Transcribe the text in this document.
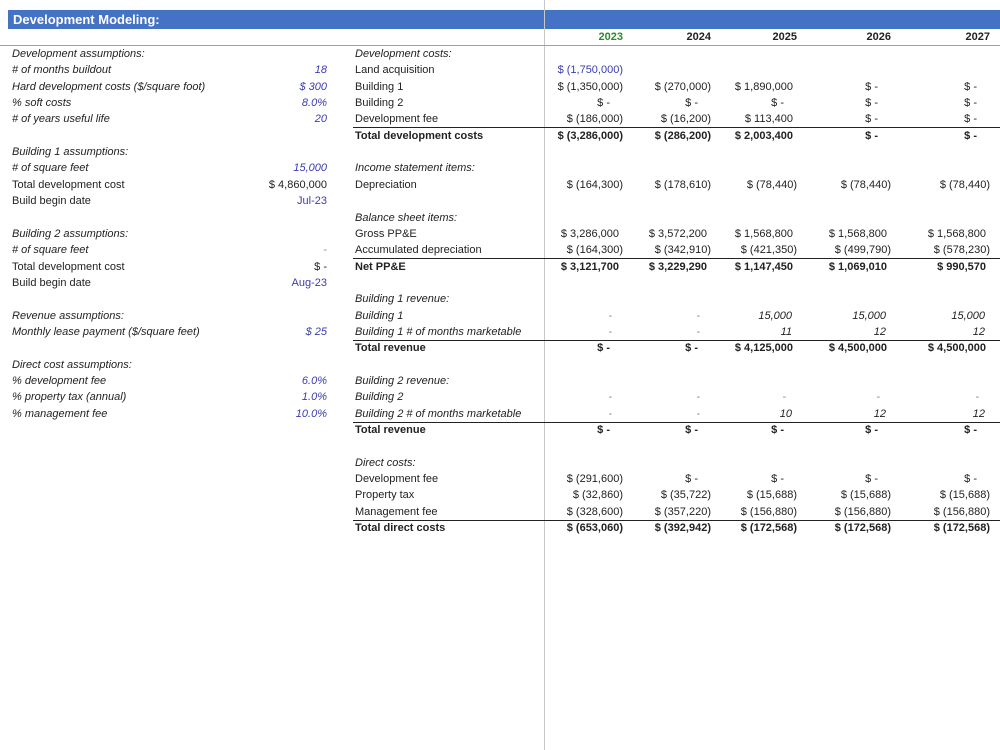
Development Modeling:
2023	2024	2025	2026	2027
Development assumptions:
# of months buildout	18
Hard development costs ($/square foot)	$ 300
% soft costs	8.0%
# of years useful life	20
Building 1 assumptions:
# of square feet	15,000
Total development cost	$ 4,860,000
Build begin date	Jul-23
Building 2 assumptions:
# of square feet	-
Total development cost	$ -
Build begin date	Aug-23
Revenue assumptions:
Monthly lease payment ($/square feet)	$ 25
Direct cost assumptions:
% development fee	6.0%
% property tax (annual)	1.0%
% management fee	10.0%
Development costs:
Land acquisition	$ (1,750,000)
Building 1	$ (1,350,000)	$ (270,000) $ 1,890,000	$ -	$ -
Building 2	$ -	$ -	$ -	$ -	$ -
Development fee	$ (186,000)	$ (16,200)	$ 113,400	$ -	$ -
Total development costs	$ (3,286,000)	$ (286,200) $ 2,003,400	$ -	$ -
Income statement items:
Depreciation	$ (164,300)	$ (178,610)	$ (78,440)	$ (78,440)	$ (78,440)
Balance sheet items:
Gross PP&E	$ 3,286,000	$ 3,572,200	$ 1,568,800	$ 1,568,800	$ 1,568,800
Accumulated depreciation	$ (164,300)	$ (342,910)	$ (421,350)	$ (499,790)	$ (578,230)
Net PP&E	$ 3,121,700	$ 3,229,290	$ 1,147,450	$ 1,069,010	$ 990,570
Building 1 revenue:
Building 1	-	-	15,000	15,000	15,000
Building 1 # of months marketable	-	-	11	12	12
Total revenue	$ -	$ -	$ 4,125,000	$ 4,500,000	$ 4,500,000
Building 2 revenue:
Building 2	-	-	-	-	-
Building 2 # of months marketable	-	-	10	12	12
Total revenue	$ -	$ -	$ -	$ -	$ -
Direct costs:
Development fee	$ (291,600)	$ -	$ -	$ -	$ -
Property tax	$ (32,860)	$ (35,722)	$ (15,688)	$ (15,688)	$ (15,688)
Management fee	$ (328,600)	$ (357,220)	$ (156,880)	$ (156,880)	$ (156,880)
Total direct costs	$ (653,060)	$ (392,942)	$ (172,568)	$ (172,568)	$ (172,568)
